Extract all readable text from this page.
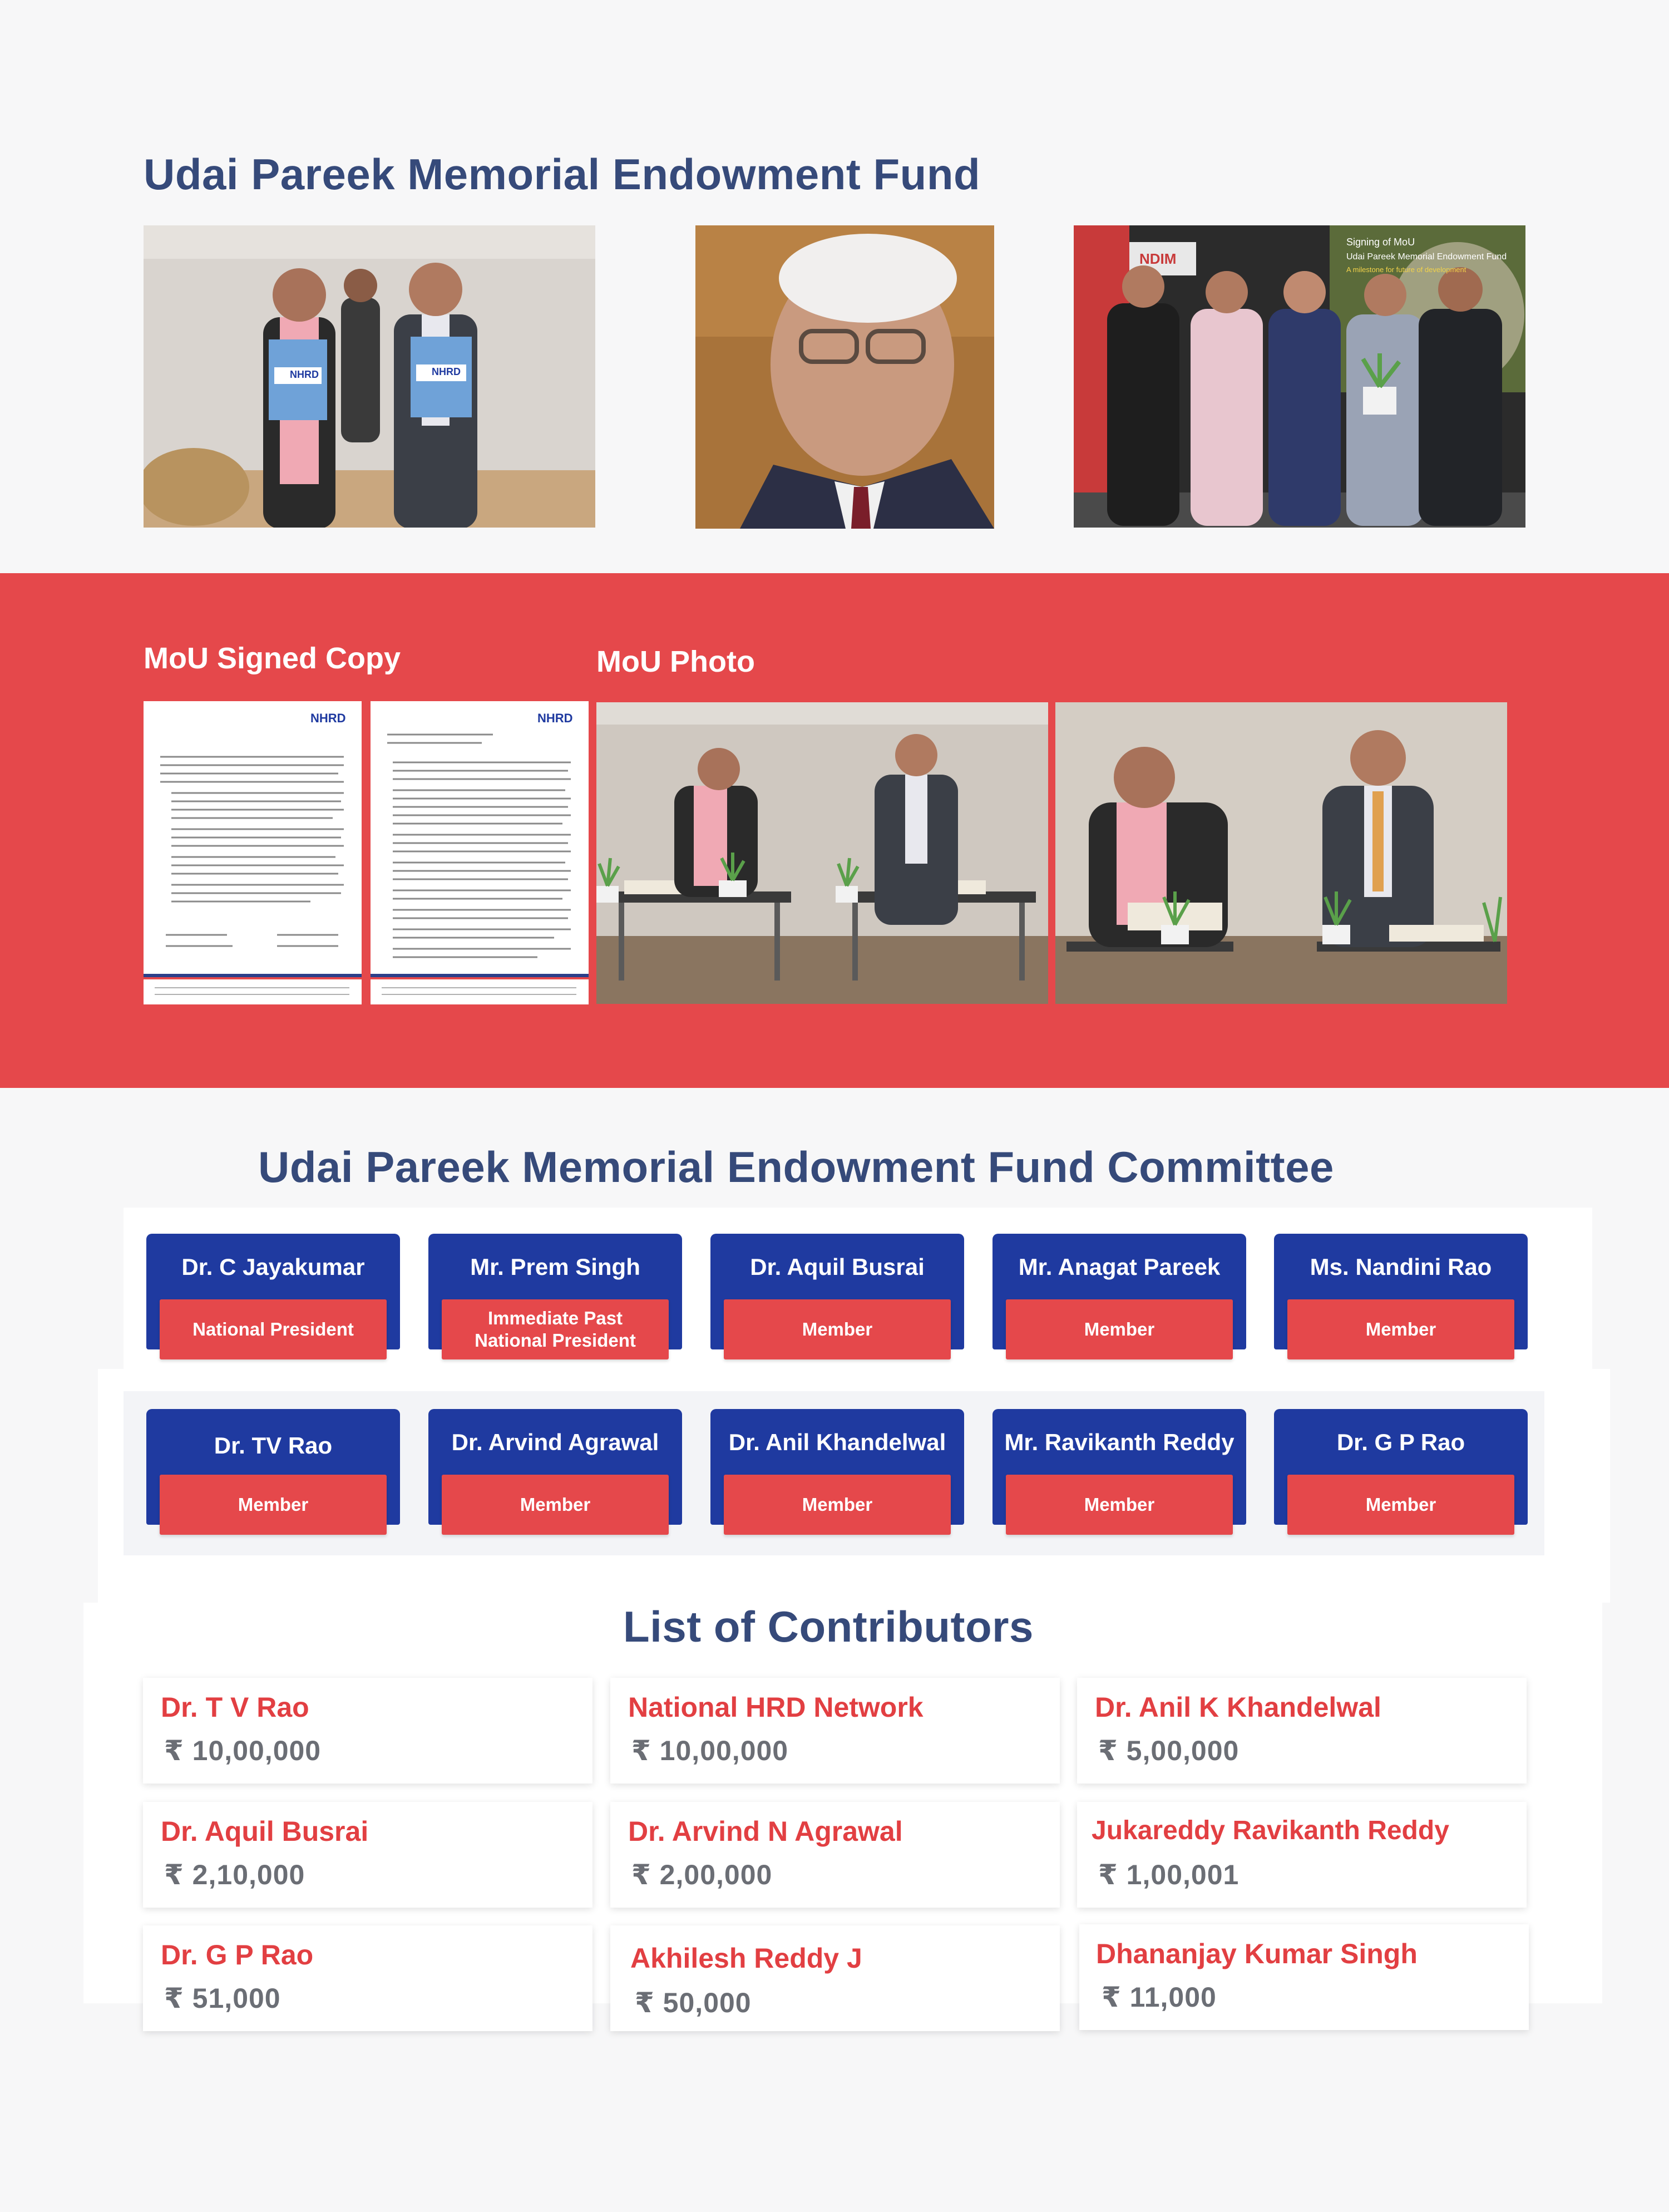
Udai Pareek Memorial Endowment Fund
NHRD	NHRD
NDIM
Signing of MoU
Udai Pareek Memorial Endowment Fund
A milestone for future of development
MoU Signed Copy	MoU Photo
NHRD	NHRD
Udai Pareek Memorial Endowment Fund Committee
Dr. C Jayakumar
National President
Mr. Prem Singh
Immediate Past National President
Dr. Aquil Busrai
Member
Mr. Anagat Pareek
Member
Ms. Nandini Rao
Member
Dr. TV Rao
Member
Dr. Arvind Agrawal
Member
Dr. Anil Khandelwal
Member
Mr. Ravikanth Reddy
Member
Dr. G P Rao
Member
List of Contributors
Dr. T V Rao
₹ 10,00,000
National HRD Network
₹ 10,00,000
Dr. Anil K Khandelwal
₹ 5,00,000
Dr. Aquil Busrai
₹ 2,10,000
Dr. Arvind N Agrawal
₹ 2,00,000
Jukareddy Ravikanth Reddy
₹ 1,00,001
Dr. G P Rao
₹ 51,000
Akhilesh Reddy J
₹ 50,000
Dhananjay Kumar Singh
₹ 11,000
